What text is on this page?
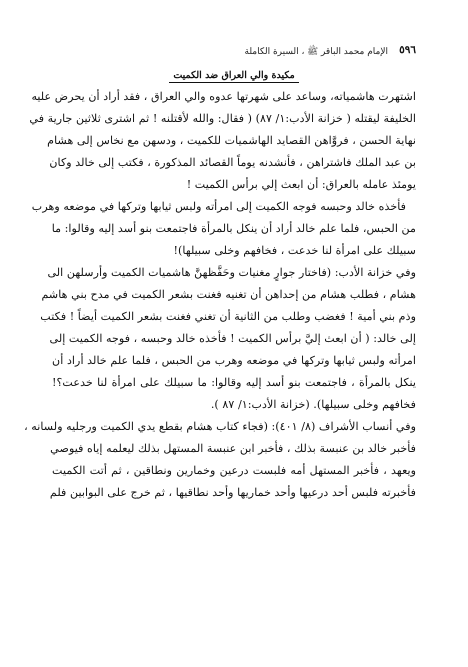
٥٩٦
الإمام محمد الباقر ﷺ ، السيرة الكاملة
مكيدة والي العراق ضد الكميت

اشتهرت هاشمياته، وساعد على شهرتها عدوه والي العراق ، فقد أراد أن يحرض عليه
الخليفة ليقتله ( خزانة الأدب:١/ ٨٧) ( فقال: والله لأقتلنه ! ثم اشترى ثلاثين جارية في
نهاية الحسن ، فروَّاهن القصايد الهاشميات للكميت ، ودسهن مع نخاس إلى هشام
بن عبد الملك فاشتراهن ، فأنشدنه يوماً القصائد المذكورة ، فكتب إلى خالد وكان
يومئذ عامله بالعراق: أن ابعث إلي برأس الكميت !

فأخذه خالد وحبسه فوجه الكميت إلى امرأته ولبس ثيابها وتركها في موضعه وهرب
من الحبس، فلما علم خالد أراد أن ينكل بالمرأة فاجتمعت بنو أسد إليه وقالوا: ما
سبيلك على امرأة لنا خدعت ، فخافهم وخلى سبيلها)!

وفي خزانة الأدب: (فاختار جوارٍ مغنيات وحَفَّظهنَّ هاشميات الكميت وأرسلهن الى
هشام ، فطلب هشام من إحداهن أن تغنيه فغنت بشعر الكميت في مدح بني هاشم
وذم بني أمية ! فغضب وطلب من الثانية أن تغني فغنت بشعر الكميت أيضاً ! فكتب
إلى خالد: ( أن ابعث إليَّ برأس الكميت ! فأخذه خالد وحبسه ، فوجه الكميت إلى
امرأته ولبس ثيابها وتركها في موضعه وهرب من الحبس ، فلما علم خالد أراد أن
ينكل بالمرأة ، فاجتمعت بنو أسد إليه وقالوا: ما سبيلك على امرأة لنا خدعت؟!
فخافهم وخلى سبيلها). (خزانة الأدب:١/ ٨٧ ).

وفي أنساب الأشراف (٨/ ٤٠١): (فجاء كتاب هشام بقطع يدي الكميت ورجليه ولسانه ،
فأخبر خالد بن عنبسة بذلك ، فأخبر ابن عنبسة المستهل بذلك ليعلمه إياه فيوصي
ويعهد ، فأخبر المستهل أمه فلبست درعين وخمارين ونطاقين ، ثم أتت الكميت
فأخبرته فلبس أحد درعيها وأحد خماريها وأحد نطاقيها ، ثم خرج على البوابين فلم
